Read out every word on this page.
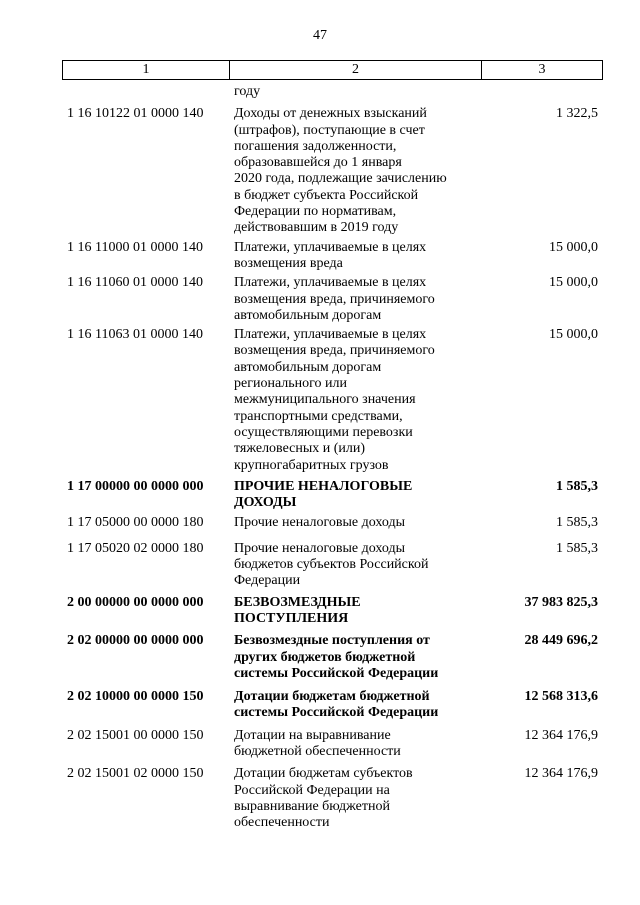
47
1	2	3
году
1 16 10122 01 0000 140	Доходы от денежных взысканий
(штрафов), поступающие в счет
погашения задолженности,
образовавшейся до 1 января
2020 года, подлежащие зачислению
в бюджет субъекта Российской
Федерации по нормативам,
действовавшим в 2019 году
1 322,5
1 16 11000 01 0000 140	Платежи, уплачиваемые в целях
возмещения вреда
15 000,0
1 16 11060 01 0000 140	Платежи, уплачиваемые в целях
возмещения вреда, причиняемого
автомобильным дорогам
15 000,0
1 16 11063 01 0000 140	Платежи, уплачиваемые в целях
возмещения вреда, причиняемого
автомобильным дорогам
регионального или
межмуниципального значения
транспортными средствами,
осуществляющими перевозки
тяжеловесных и (или)
крупногабаритных грузов
15 000,0
1 17 00000 00 0000 000	ПРОЧИЕ НЕНАЛОГОВЫЕ
ДОХОДЫ
1 585,3
1 17 05000 00 0000 180	Прочие неналоговые доходы	1 585,3
1 17 05020 02 0000 180	Прочие неналоговые доходы
бюджетов субъектов Российской
Федерации
1 585,3
2 00 00000 00 0000 000	БЕЗВОЗМЕЗДНЫЕ
ПОСТУПЛЕНИЯ
37 983 825,3
2 02 00000 00 0000 000	Безвозмездные поступления от
других бюджетов бюджетной
системы Российской Федерации
28 449 696,2
2 02 10000 00 0000 150	Дотации бюджетам бюджетной
системы Российской Федерации
12 568 313,6
2 02 15001 00 0000 150	Дотации на выравнивание
бюджетной обеспеченности
12 364 176,9
2 02 15001 02 0000 150	Дотации бюджетам субъектов
Российской Федерации на
выравнивание бюджетной
обеспеченности
12 364 176,9
